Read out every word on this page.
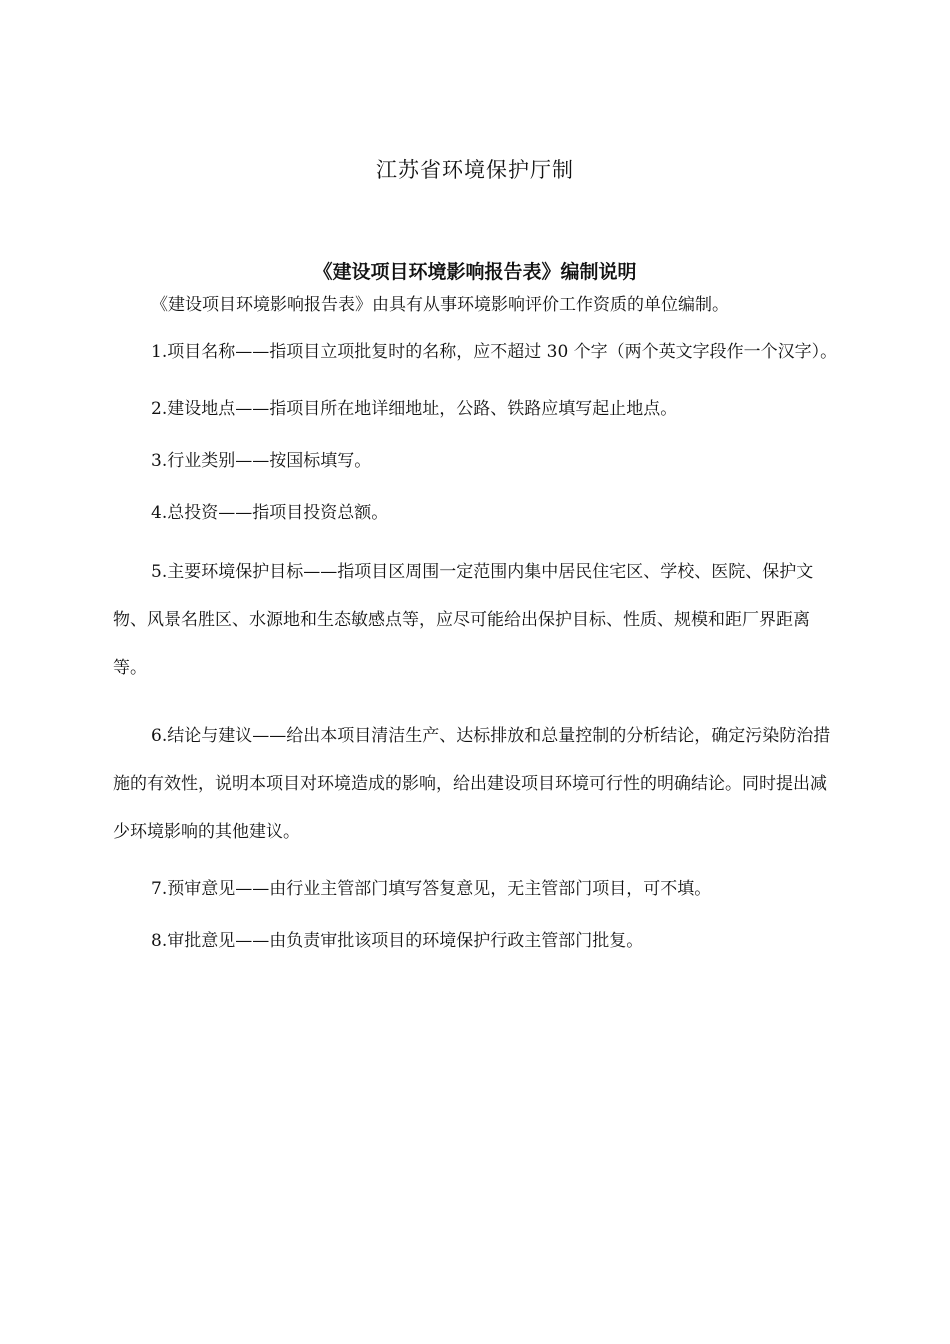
江苏省环境保护厅制
《建设项目环境影响报告表》编制说明

《建设项目环境影响报告表》由具有从事环境影响评价工作资质的单位编制。

1.项目名称——指项目立项批复时的名称，应不超过 30 个字（两个英文字段作一个汉字）。

2.建设地点——指项目所在地详细地址，公路、铁路应填写起止地点。

3.行业类别——按国标填写。

4.总投资——指项目投资总额。

5.主要环境保护目标——指项目区周围一定范围内集中居民住宅区、学校、医院、保护文物、风景名胜区、水源地和生态敏感点等，应尽可能给出保护目标、性质、规模和距厂界距离等。

6.结论与建议——给出本项目清洁生产、达标排放和总量控制的分析结论，确定污染防治措施的有效性，说明本项目对环境造成的影响，给出建设项目环境可行性的明确结论。同时提出减少环境影响的其他建议。

7.预审意见——由行业主管部门填写答复意见，无主管部门项目，可不填。

8.审批意见——由负责审批该项目的环境保护行政主管部门批复。
